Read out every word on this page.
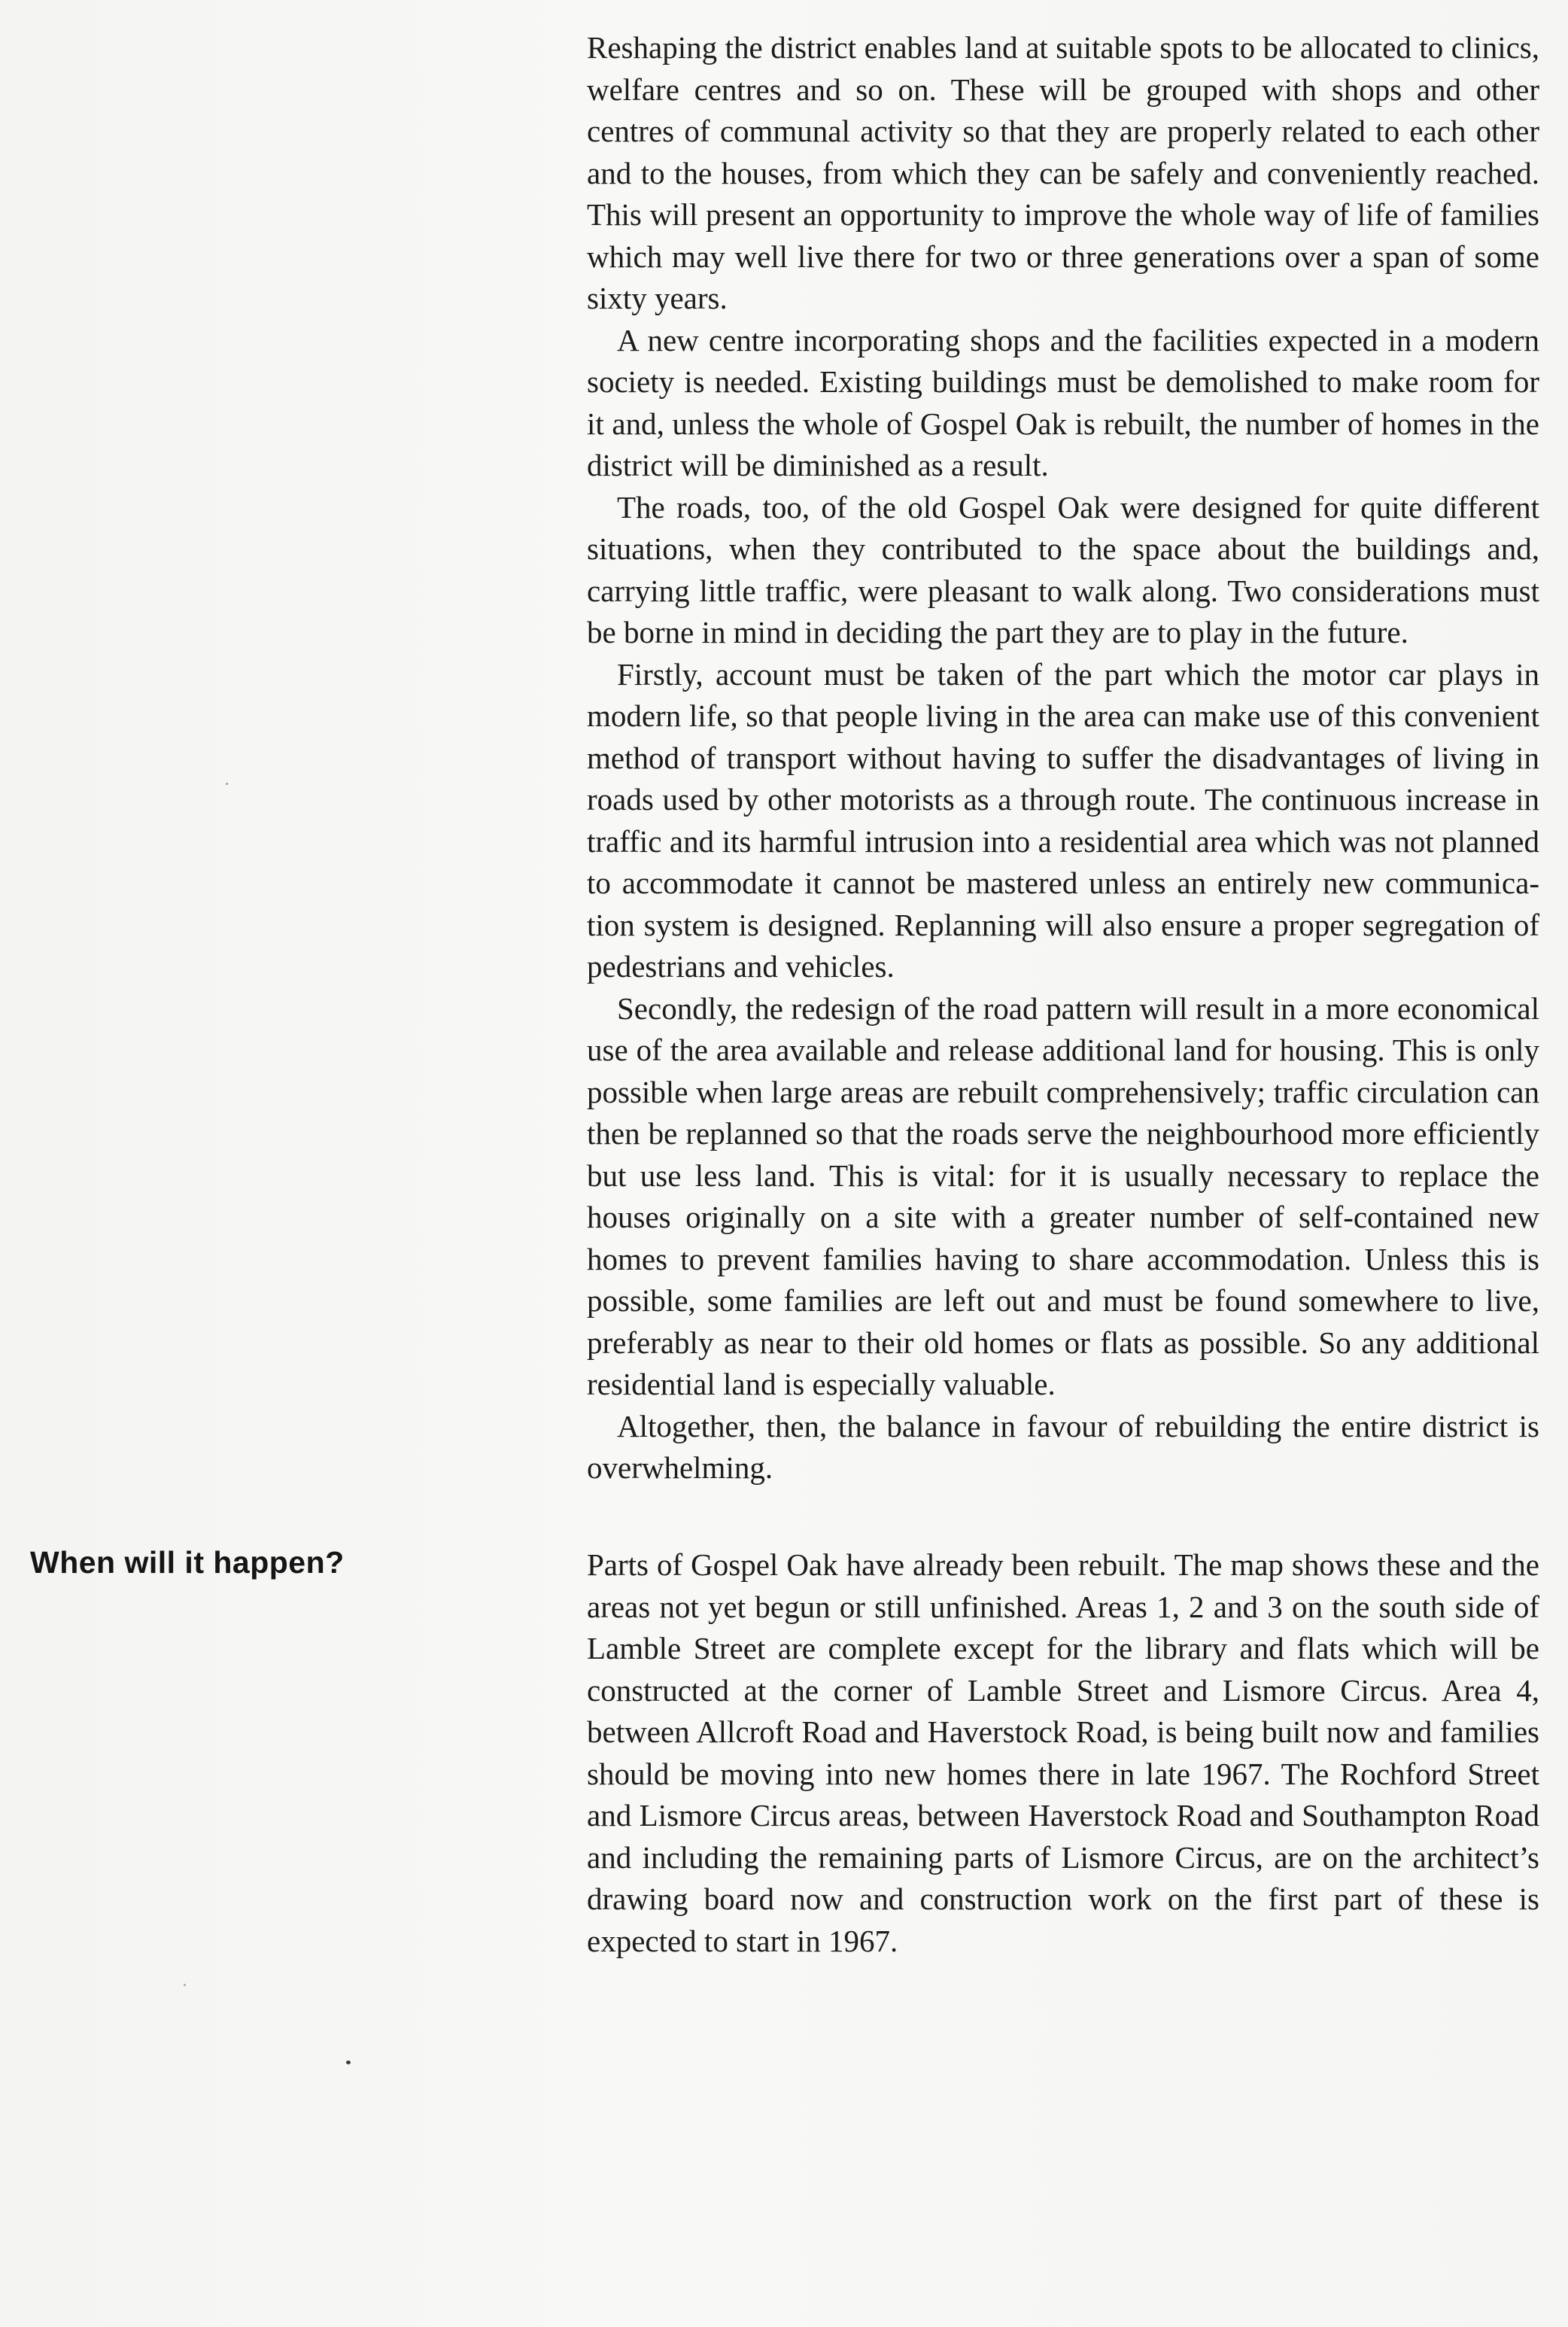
Reshaping the district enables land at suitable spots to be allocated to clinics, welfare centres and so on. These will be grouped with shops and other centres of communal activity so that they are properly related to each other and to the houses, from which they can be safely and conveniently reached. This will present an opportunity to improve the whole way of life of families which may well live there for two or three generations over a span of some sixty years.

A new centre incorporating shops and the facilities expected in a modern society is needed. Existing buildings must be demolished to make room for it and, unless the whole of Gospel Oak is rebuilt, the number of homes in the district will be diminished as a result.

The roads, too, of the old Gospel Oak were designed for quite different situations, when they contributed to the space about the buildings and, carrying little traffic, were pleasant to walk along. Two considerations must be borne in mind in deciding the part they are to play in the future.

Firstly, account must be taken of the part which the motor car plays in modern life, so that people living in the area can make use of this convenient method of transport without having to suffer the disadvantages of living in roads used by other motorists as a through route. The continuous increase in traffic and its harmful intrusion into a residential area which was not planned to accommodate it cannot be mastered unless an entirely new communication system is designed. Replanning will also ensure a proper segregation of pedestrians and vehicles.

Secondly, the redesign of the road pattern will result in a more economical use of the area available and release additional land for housing. This is only possible when large areas are rebuilt comprehensively; traffic circulation can then be replanned so that the roads serve the neighbourhood more efficiently but use less land. This is vital: for it is usually necessary to replace the houses originally on a site with a greater number of self-contained new homes to prevent families having to share accommodation. Unless this is possible, some families are left out and must be found somewhere to live, preferably as near to their old homes or flats as possible. So any additional residential land is especially valuable.

Altogether, then, the balance in favour of rebuilding the entire district is overwhelming.

When will it happen?	Parts of Gospel Oak have already been rebuilt. The map shows these and the areas not yet begun or still unfinished. Areas 1, 2 and 3 on the south side of Lamble Street are complete except for the library and flats which will be constructed at the corner of Lamble Street and Lismore Circus. Area 4, between Allcroft Road and Haverstock Road, is being built now and families should be moving into new homes there in late 1967. The Rochford Street and Lismore Circus areas, between Haverstock Road and Southampton Road and including the remaining parts of Lismore Circus, are on the architect’s drawing board now and construction work on the first part of these is expected to start in 1967.
